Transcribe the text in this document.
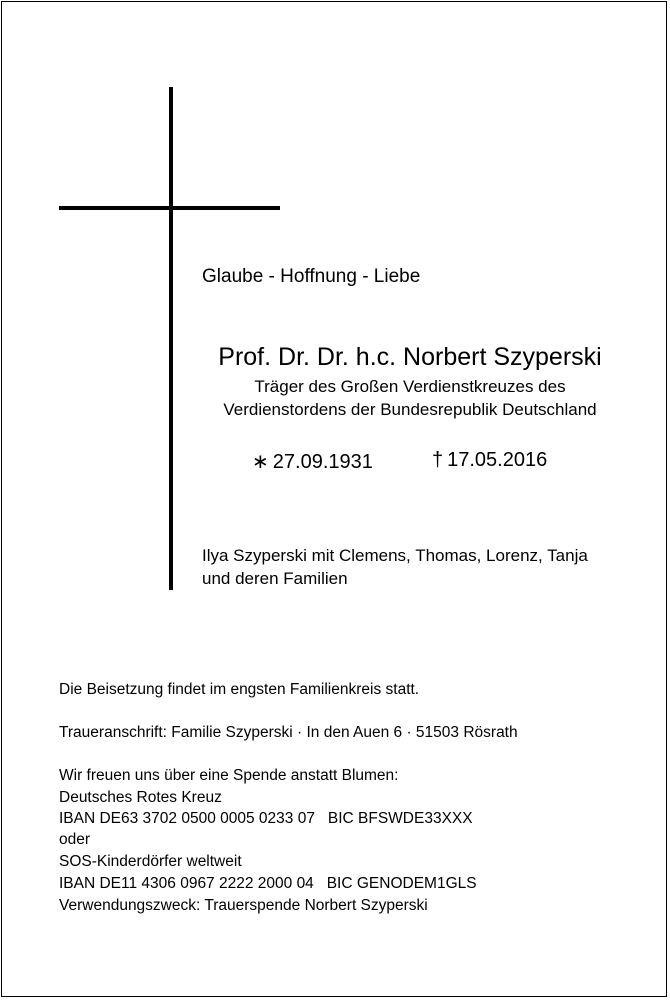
Glaube - Hoffnung - Liebe
Prof. Dr. Dr. h.c. Norbert Szyperski
Träger des Großen Verdienstkreuzes des
Verdienstordens der Bundesrepublik Deutschland
∗ 27.09.1931	† 17.05.2016
Ilya Szyperski mit Clemens, Thomas, Lorenz, Tanja
und deren Familien
Die Beisetzung findet im engsten Familienkreis statt.
Traueranschrift: Familie Szyperski · In den Auen 6 · 51503 Rösrath
Wir freuen uns über eine Spende anstatt Blumen:
Deutsches Rotes Kreuz
IBAN DE63 3702 0500 0005 0233 07   BIC BFSWDE33XXX
oder
SOS-Kinderdörfer weltweit
IBAN DE11 4306 0967 2222 2000 04   BIC GENODEM1GLS
Verwendungszweck: Trauerspende Norbert Szyperski
